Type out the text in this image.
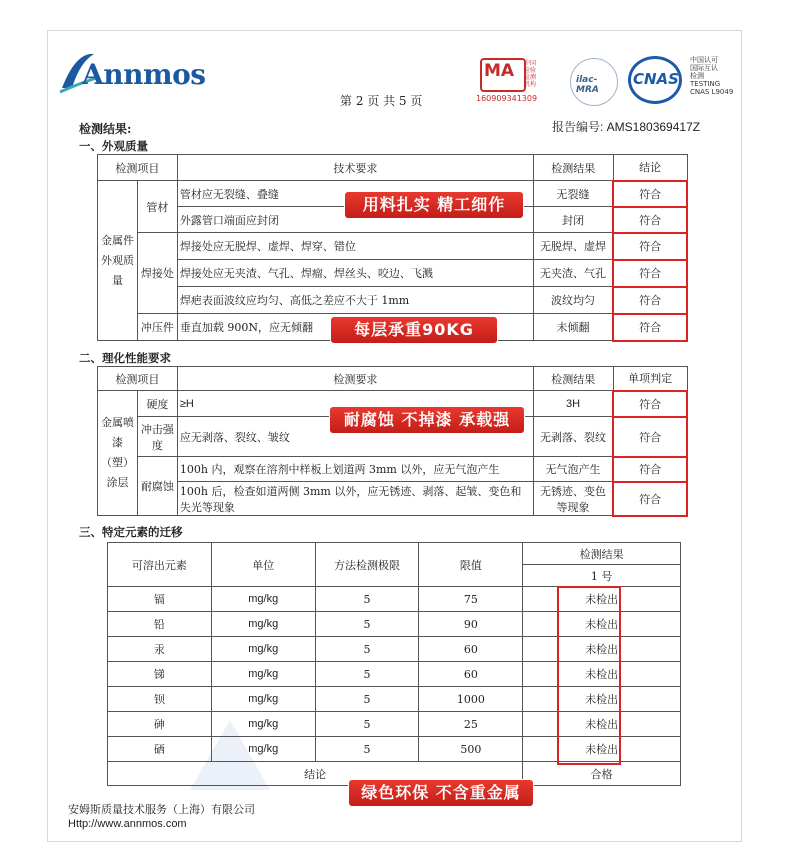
Annmos
第 2 页 共 5 页
MA 中国检验检测机构
160909341309
ilac-MRA
CNAS
中国认可
国际互认
检测
TESTING
CNAS L9049
检测结果:	报告编号: AMS180369417Z
一、外观质量
检测项目		技术要求	检测结果	结论
金属件外观质量	管材	管材应无裂缝、叠缝	无裂缝	符合
		外露管口端面应封闭	封闭	符合
	焊接处	焊接处应无脱焊、虚焊、焊穿、错位	无脱焊、虚焊	符合
		焊接处应无夹渣、气孔、焊瘤、焊丝头、咬边、飞溅	无夹渣、气孔	符合
		焊疤表面波纹应均匀、高低之差应不大于 1mm	波纹均匀	符合
	冲压件	垂直加载 900N，应无倾翻	未倾翻	符合
用料扎实 精工细作
每层承重90KG
二、理化性能要求
检测项目		检测要求	检测结果	单项判定
金属喷漆（塑）涂层	硬度	≥H	3H	符合
	冲击强度	应无剥落、裂纹、皱纹	无剥落、裂纹	符合
	耐腐蚀	100h 内，观察在溶剂中样板上划道两 3mm 以外，应无气泡产生	无气泡产生	符合
		100h 后，检查如道两侧 3mm 以外，应无锈迹、剥落、起皱、变色和失光等现象	无锈迹、变色等现象	符合
耐腐蚀 不掉漆 承载强
三、特定元素的迁移
可溶出元素	单位	方法检测极限	限值	检测结果
				1 号
镉	mg/kg	5	75	未检出
铅	mg/kg	5	90	未检出
汞	mg/kg	5	60	未检出
锑	mg/kg	5	60	未检出
钡	mg/kg	5	1000	未检出
砷	mg/kg	5	25	未检出
硒	mg/kg	5	500	未检出
结论				合格
绿色环保 不含重金属
安姆斯质量技术服务（上海）有限公司
Http://www.annmos.com
